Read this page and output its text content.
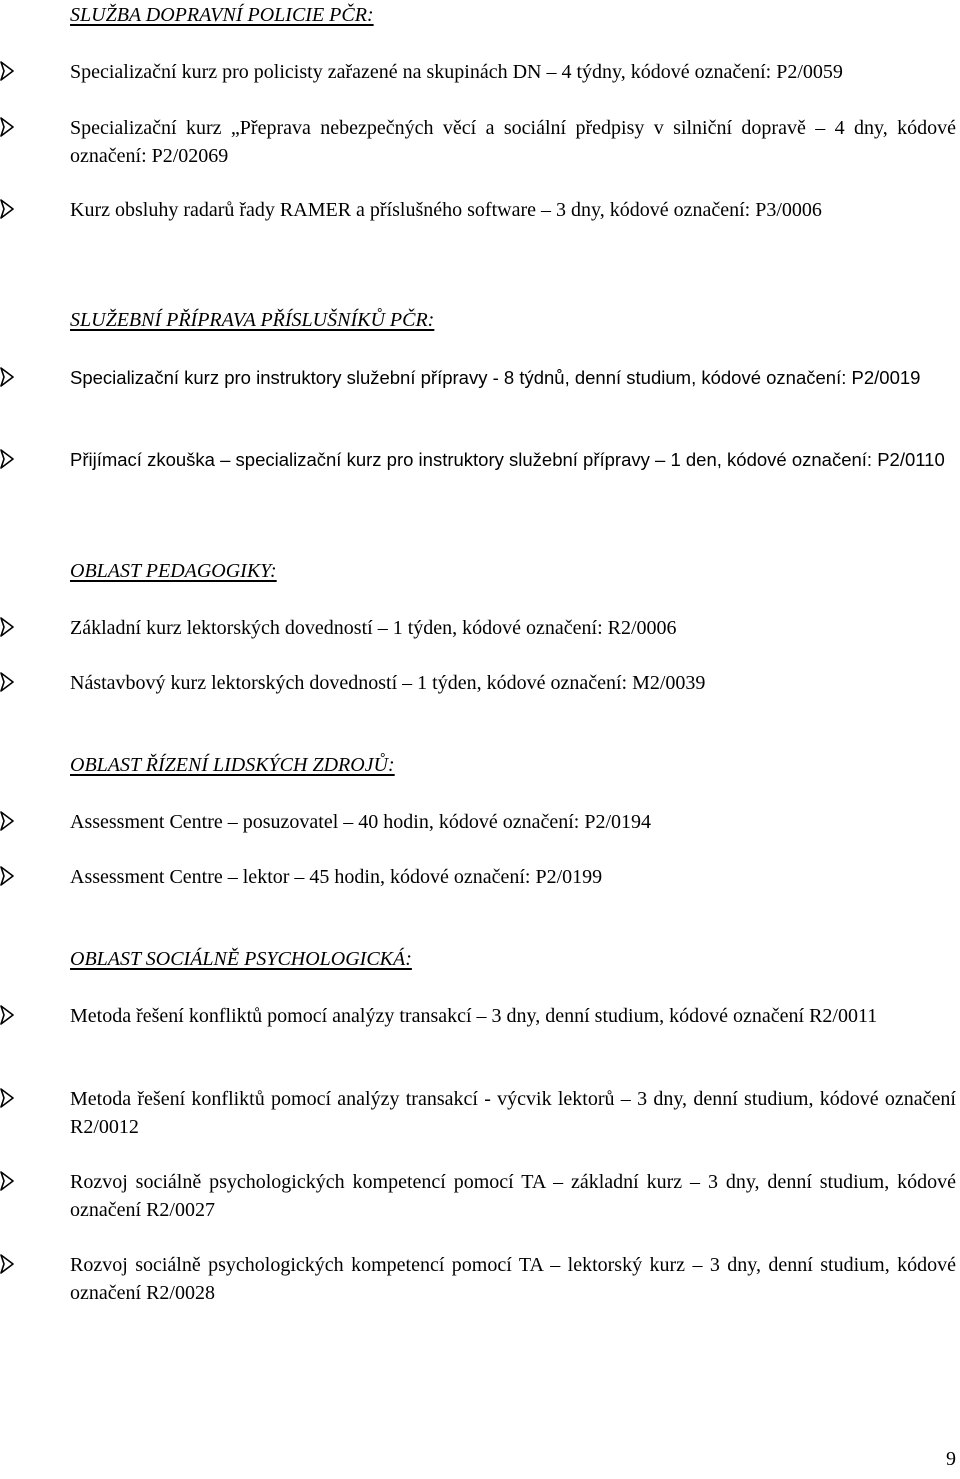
SLUŽBA DOPRAVNÍ POLICIE PČR:
Specializační kurz pro policisty zařazené na skupinách DN – 4 týdny, kódové označení: P2/0059
Specializační kurz „Přeprava nebezpečných věcí a sociální předpisy v silniční dopravě – 4 dny, kódové označení: P2/02069
Kurz obsluhy radarů řady RAMER a příslušného software – 3 dny, kódové označení: P3/0006
SLUŽEBNÍ PŘÍPRAVA PŘÍSLUŠNÍKŮ PČR:
Specializační kurz pro instruktory služební přípravy - 8 týdnů, denní studium, kódové označení: P2/0019
Přijímací zkouška – specializační kurz pro instruktory služební přípravy – 1 den, kódové označení: P2/0110
OBLAST PEDAGOGIKY:
Základní kurz lektorských dovedností – 1 týden, kódové označení: R2/0006
Nástavbový kurz lektorských dovedností – 1 týden, kódové označení: M2/0039
OBLAST ŘÍZENÍ LIDSKÝCH ZDROJŮ:
Assessment Centre – posuzovatel – 40 hodin, kódové označení: P2/0194
Assessment Centre – lektor – 45 hodin, kódové označení: P2/0199
OBLAST SOCIÁLNĚ PSYCHOLOGICKÁ:
Metoda řešení konfliktů pomocí analýzy transakcí – 3 dny, denní studium, kódové označení R2/0011
Metoda řešení konfliktů pomocí analýzy transakcí - výcvik lektorů – 3 dny, denní studium, kódové označení R2/0012
Rozvoj sociálně psychologických kompetencí pomocí TA – základní kurz – 3 dny, denní studium, kódové označení R2/0027
Rozvoj sociálně psychologických kompetencí pomocí TA – lektorský kurz – 3 dny, denní studium, kódové označení R2/0028
9
